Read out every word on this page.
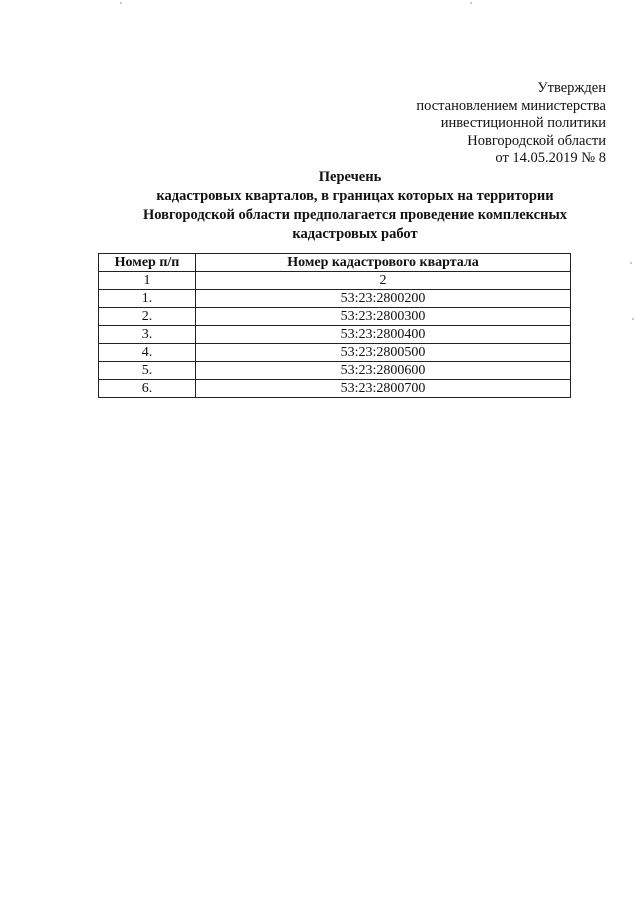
Утвержден
постановлением министерства
инвестиционной политики
Новгородской области
от 14.05.2019 № 8
Перечень
кадастровых кварталов, в границах которых на территории
Новгородской области предполагается проведение комплексных
кадастровых работ
Номер п/п	Номер кадастрового квартала
1	2
1.	53:23:2800200
2.	53:23:2800300
3.	53:23:2800400
4.	53:23:2800500
5.	53:23:2800600
6.	53:23:2800700
